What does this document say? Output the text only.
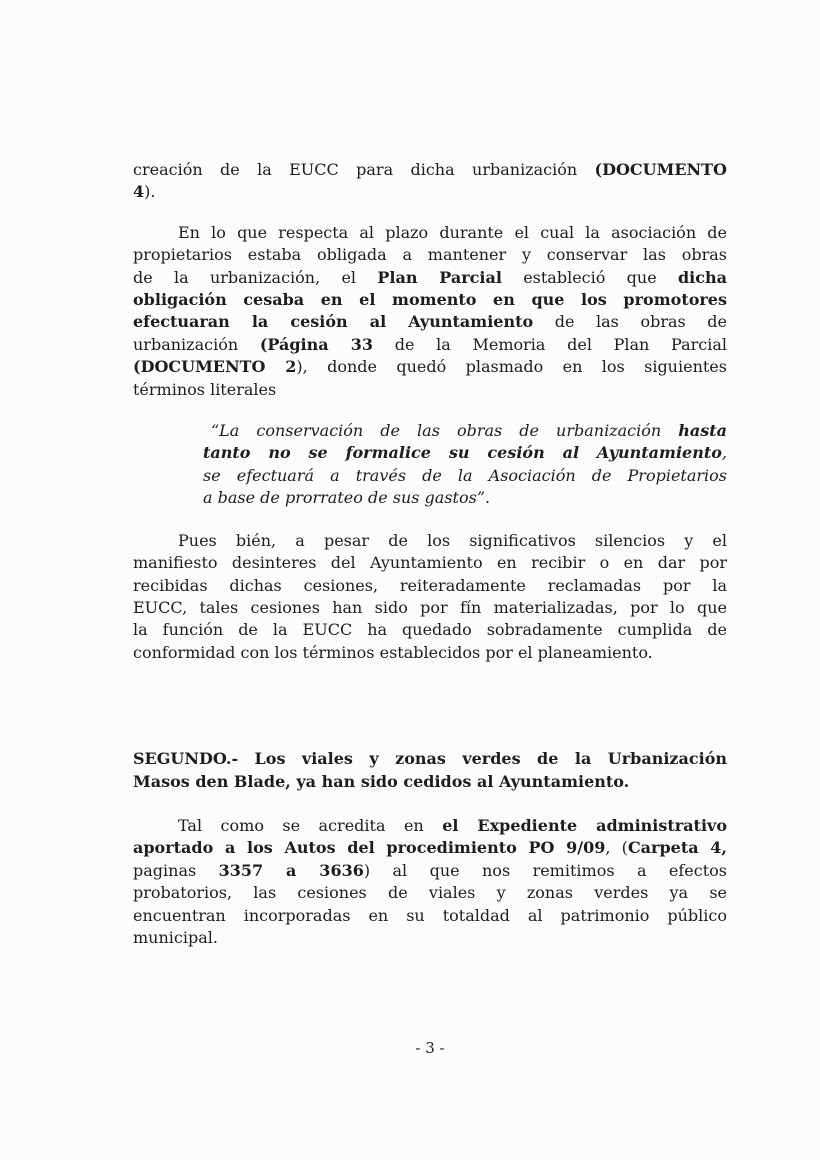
creación de la EUCC para dicha urbanización (DOCUMENTO
4).
En lo que respecta al plazo durante el cual la asociación de
propietarios estaba obligada a mantener y conservar las obras
de la urbanización, el Plan Parcial estableció que dicha
obligación cesaba en el momento en que los promotores
efectuaran la cesión al Ayuntamiento de las obras de
urbanización (Página 33 de la Memoria del Plan Parcial
(DOCUMENTO 2), donde quedó plasmado en los siguientes
términos literales
“La conservación de las obras de urbanización hasta
tanto no se formalice su cesión al Ayuntamiento,
se efectuará a través de la Asociación de Propietarios
a base de prorrateo de sus gastos”.
Pues bién, a pesar de los significativos silencios y el
manifiesto desinteres del Ayuntamiento en recibir o en dar por
recibidas dichas cesiones, reiteradamente reclamadas por la
EUCC, tales cesiones han sido por fín materializadas, por lo que
la función de la EUCC ha quedado sobradamente cumplida de
conformidad con los términos establecidos por el planeamiento.
SEGUNDO.- Los viales y zonas verdes de la Urbanización
Masos den Blade, ya han sido cedidos al Ayuntamiento.
Tal como se acredita en el Expediente administrativo
aportado a los Autos del procedimiento PO 9/09, (Carpeta 4,
paginas 3357 a 3636) al que nos remitimos a efectos
probatorios, las cesiones de viales y zonas verdes ya se
encuentran incorporadas en su totaldad al patrimonio público
municipal.
- 3 -
